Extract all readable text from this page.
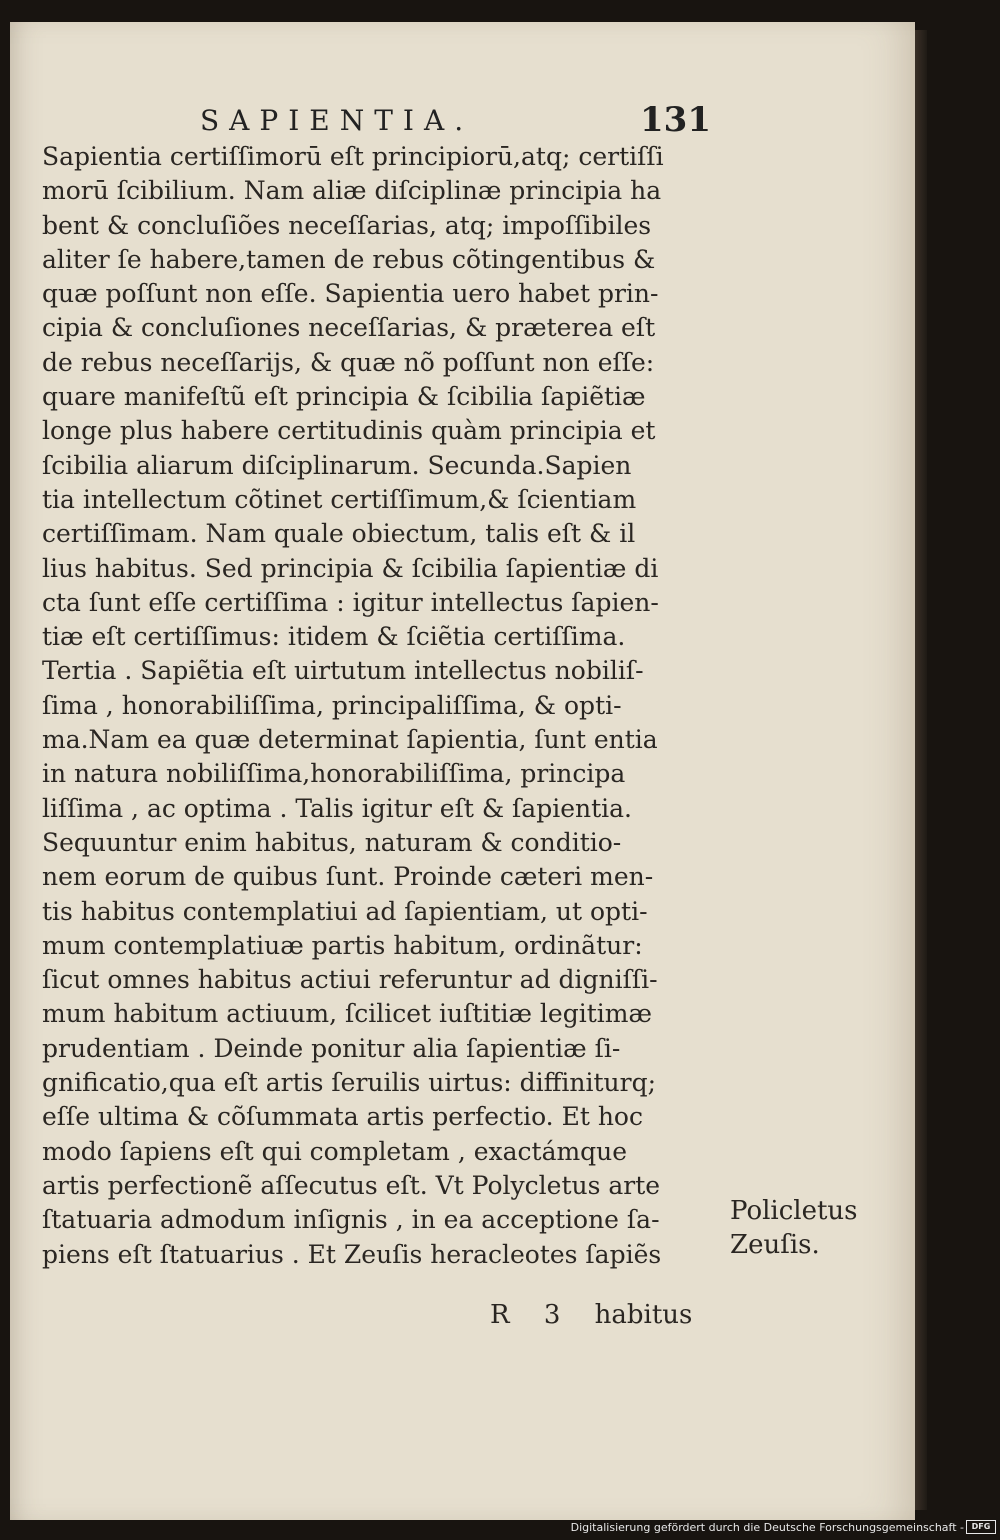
SAPIENTIA.	131
Sapientia certiſſimorū eſt principiorū,atq; certiſſi
morū ſcibilium. Nam aliæ diſciplinæ principia ha
bent & concluſiões neceſſarias, atq; impoſſibiles
aliter ſe habere,tamen de rebus cõtingentibus &
quæ poſſunt non eſſe. Sapientia uero habet prin-
cipia & concluſiones neceſſarias, & præterea eſt
de rebus neceſſarijs, & quæ nõ poſſunt non eſſe:
quare manifeſtũ eſt principia & ſcibilia ſapiẽtiæ
longe plus habere certitudinis quàm principia et
ſcibilia aliarum diſciplinarum. Secunda.Sapien
tia intellectum cõtinet certiſſimum,& ſcientiam
certiſſimam. Nam quale obiectum, talis eſt & il
lius habitus. Sed principia & ſcibilia ſapientiæ di
cta ſunt eſſe certiſſima : igitur intellectus ſapien-
tiæ eſt certiſſimus: itidem & ſciẽtia certiſſima.
Tertia . Sapiẽtia eſt uirtutum intellectus nobiliſ-
ſima , honorabiliſſima, principaliſſima, & opti-
ma.Nam ea quæ determinat ſapientia, ſunt entia
in natura nobiliſſima,honorabiliſſima, principa
liſſima , ac optima . Talis igitur eſt & ſapientia.
Sequuntur enim habitus, naturam & conditio-
nem eorum de quibus ſunt. Proinde cæteri men-
tis habitus contemplatiui ad ſapientiam, ut opti-
mum contemplatiuæ partis habitum, ordinãtur:
ſicut omnes habitus actiui referuntur ad digniſſi-
mum habitum actiuum, ſcilicet iuſtitiæ legitimæ
prudentiam . Deinde ponitur alia ſapientiæ ſi-
gnificatio,qua eſt artis ſeruilis uirtus: diffiniturq;
eſſe ultima & cõſummata artis perfectio. Et hoc
modo ſapiens eſt qui completam , exactámque
artis perfectionẽ aſſecutus eſt. Vt Polycletus arte
ſtatuaria admodum inſignis , in ea acceptione ſa-
piens eſt ſtatuarius . Et Zeuſis heracleotes ſapiẽs
Policletus
Zeuſis.
R 3 habitus
Digitalisierung gefördert durch die Deutsche Forschungsgemeinschaft - DFG
